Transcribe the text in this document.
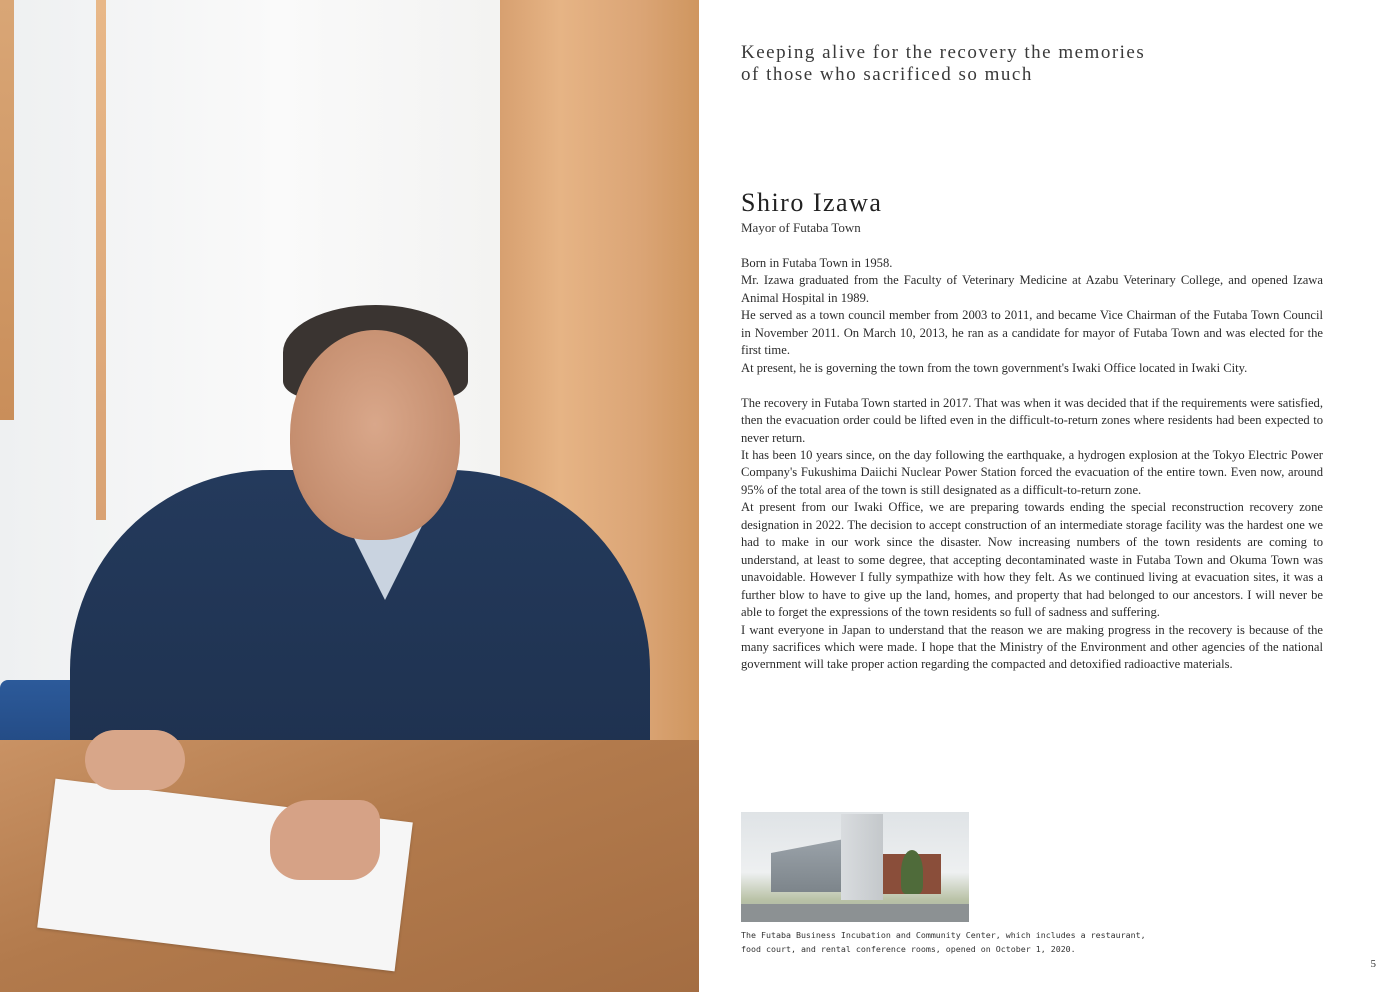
Keeping alive for the recovery the memories
of those who sacrificed so much
Shiro Izawa
Mayor of Futaba Town

Born in Futaba Town in 1958.

Mr. Izawa graduated from the Faculty of Veterinary Medicine at Azabu Veterinary College, and opened Izawa Animal Hospital in 1989.

He served as a town council member from 2003 to 2011, and became Vice Chairman of the Futaba Town Council in November 2011. On March 10, 2013, he ran as a candidate for mayor of Futaba Town and was elected for the first time.

At present, he is governing the town from the town government's Iwaki Office located in Iwaki City.

The recovery in Futaba Town started in 2017. That was when it was decided that if the requirements were satisfied, then the evacuation order could be lifted even in the difficult-to-return zones where residents had been expected to never return.

It has been 10 years since, on the day following the earthquake, a hydrogen explosion at the Tokyo Electric Power Company's Fukushima Daiichi Nuclear Power Station forced the evacuation of the entire town. Even now, around 95% of the total area of the town is still designated as a difficult-to-return zone.

At present from our Iwaki Office, we are preparing towards ending the special reconstruction recovery zone designation in 2022. The decision to accept construction of an intermediate storage facility was the hardest one we had to make in our work since the disaster. Now increasing numbers of the town residents are coming to understand, at least to some degree, that accepting decontaminated waste in Futaba Town and Okuma Town was unavoidable. However I fully sympathize with how they felt. As we continued living at evacuation sites, it was a further blow to have to give up the land, homes, and property that had belonged to our ancestors. I will never be able to forget the expressions of the town residents so full of sadness and suffering.

I want everyone in Japan to understand that the reason we are making progress in the recovery is because of the many sacrifices which were made. I hope that the Ministry of the Environment and other agencies of the national government will take proper action regarding the compacted and detoxified radioactive materials.

The Futaba Business Incubation and Community Center, which includes a restaurant,
food court, and rental conference rooms, opened on October 1, 2020.
5
